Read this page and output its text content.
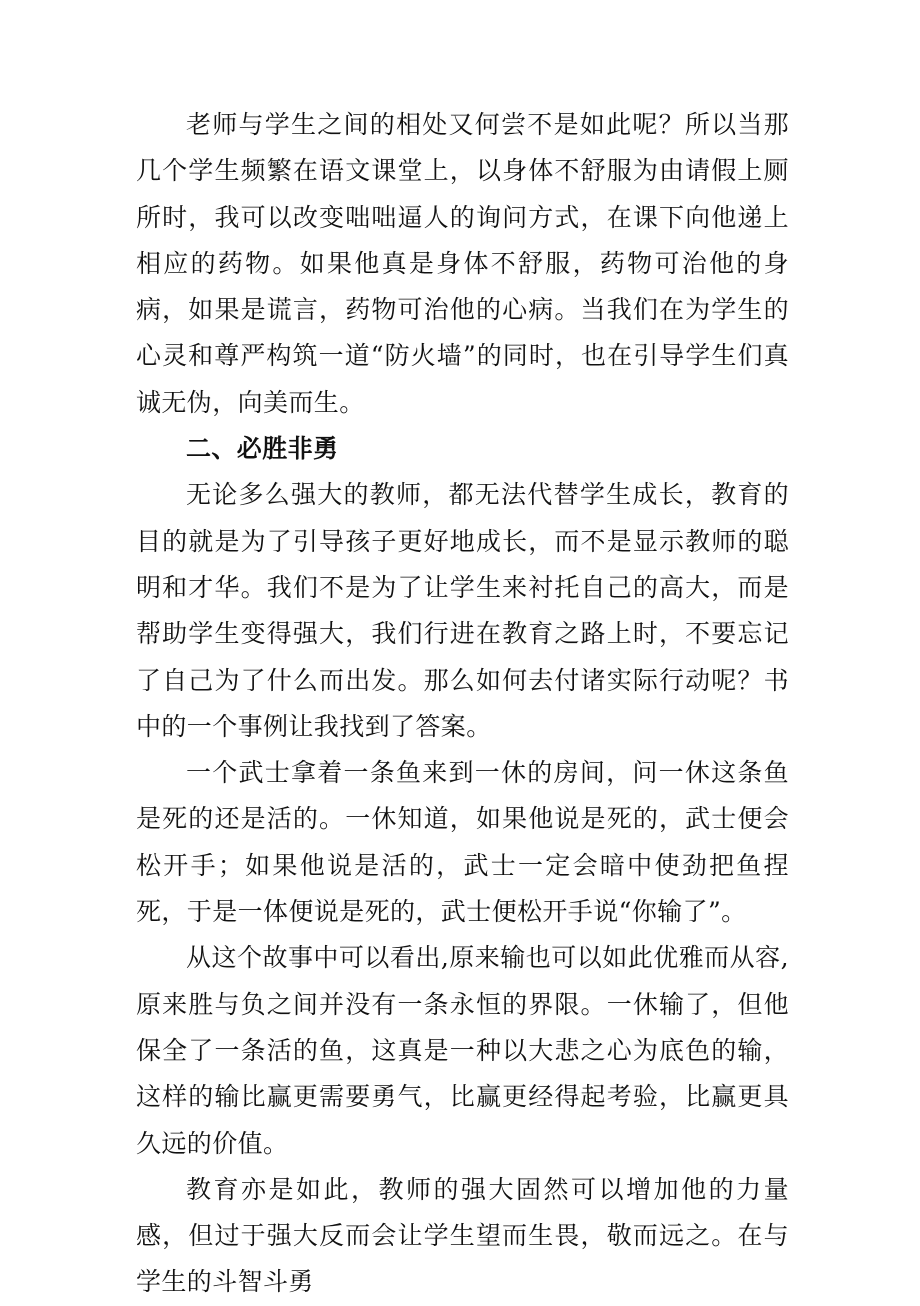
老师与学生之间的相处又何尝不是如此呢？所以当那几个学生频繁在语文课堂上，以身体不舒服为由请假上厕所时，我可以改变咄咄逼人的询问方式，在课下向他递上相应的药物。如果他真是身体不舒服，药物可治他的身病，如果是谎言，药物可治他的心病。当我们在为学生的心灵和尊严构筑一道“防火墙”的同时，也在引导学生们真诚无伪，向美而生。

二、必胜非勇

无论多么强大的教师，都无法代替学生成长，教育的目的就是为了引导孩子更好地成长，而不是显示教师的聪明和才华。我们不是为了让学生来衬托自己的高大，而是帮助学生变得强大，我们行进在教育之路上时，不要忘记了自己为了什么而出发。那么如何去付诸实际行动呢？书中的一个事例让我找到了答案。

一个武士拿着一条鱼来到一休的房间，问一休这条鱼是死的还是活的。一休知道，如果他说是死的，武士便会松开手；如果他说是活的，武士一定会暗中使劲把鱼捏死，于是一体便说是死的，武士便松开手说“你输了”。

从这个故事中可以看出,原来输也可以如此优雅而从容,原来胜与负之间并没有一条永恒的界限。一休输了，但他保全了一条活的鱼，这真是一种以大悲之心为底色的输，这样的输比赢更需要勇气，比赢更经得起考验，比赢更具久远的价值。

教育亦是如此，教师的强大固然可以增加他的力量感，但过于强大反而会让学生望而生畏，敬而远之。在与学生的斗智斗勇
